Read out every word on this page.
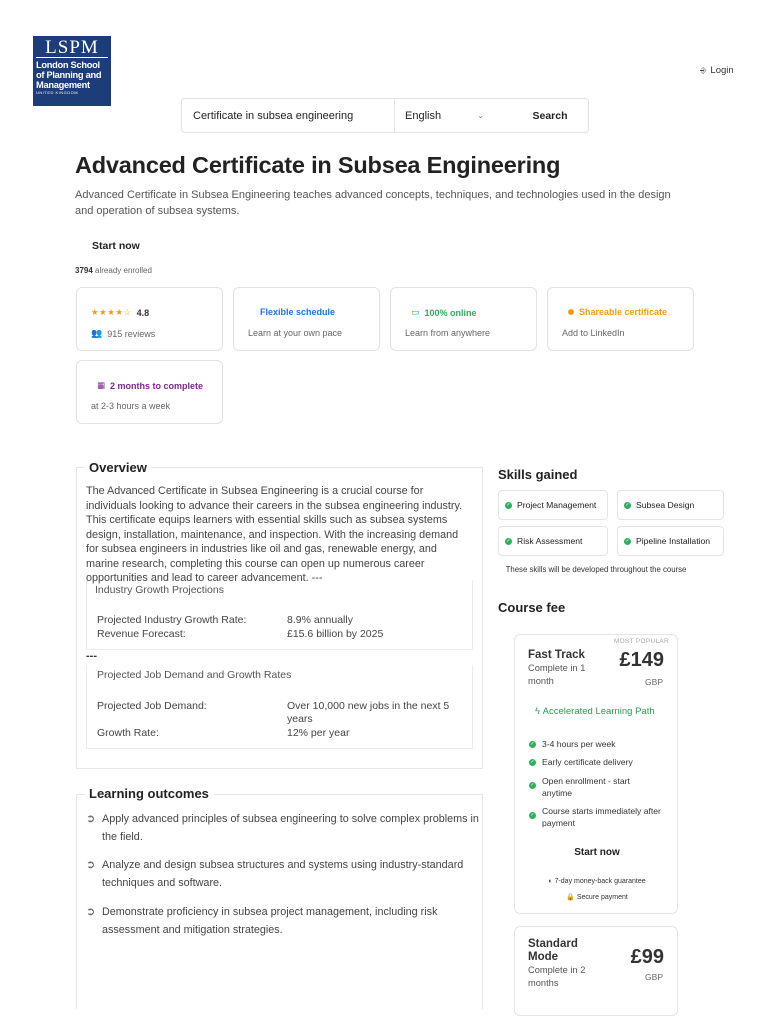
LSPM
London School of Planning and Management
UNITED KINGDOM
⎆ Login
Certificate in subsea engineering
English	⌄	Search
Advanced Certificate in Subsea Engineering

Advanced Certificate in Subsea Engineering teaches advanced concepts, techniques, and technologies used in the design and operation of subsea systems.

Start now
3794 already enrolled
★★★★☆ 4.8
👥 915 reviews
Flexible schedule
Learn at your own pace
▭ 100% online
Learn from anywhere
Shareable certificate
Add to LinkedIn
▦ 2 months to complete
at 2-3 hours a week
Overview
The Advanced Certificate in Subsea Engineering is a crucial course for individuals looking to advance their careers in the subsea engineering industry. This certificate equips learners with essential skills such as subsea systems design, installation, maintenance, and inspection. With the increasing demand for subsea engineers in industries like oil and gas, renewable energy, and marine research, completing this course can open up numerous career opportunities and lead to career advancement. ---
Industry Growth Projections
Projected Industry Growth Rate:	8.9% annually
Revenue Forecast:	£15.6 billion by 2025
---
Projected Job Demand and Growth Rates
Projected Job Demand:	Over 10,000 new jobs in the next 5 years
Growth Rate:	12% per year
Learning outcomes
➲ Apply advanced principles of subsea engineering to solve complex problems in the field.
➲ Analyze and design subsea structures and systems using industry-standard techniques and software.
➲ Demonstrate proficiency in subsea project management, including risk assessment and mitigation strategies.
Skills gained
✓ Project Management	✓ Subsea Design
✓ Risk Assessment	✓ Pipeline Installation
These skills will be developed throughout the course
Course fee
MOST POPULAR
Fast Track
Complete in 1 month
£149
GBP
ϟ Accelerated Learning Path
✓ 3-4 hours per week
✓ Early certificate delivery
✓ Open enrollment - start anytime
✓ Course starts immediately after payment
Start now
◐ 7-day money-back guarantee
🔒 Secure payment
Standard Mode
Complete in 2 months
£99
GBP
